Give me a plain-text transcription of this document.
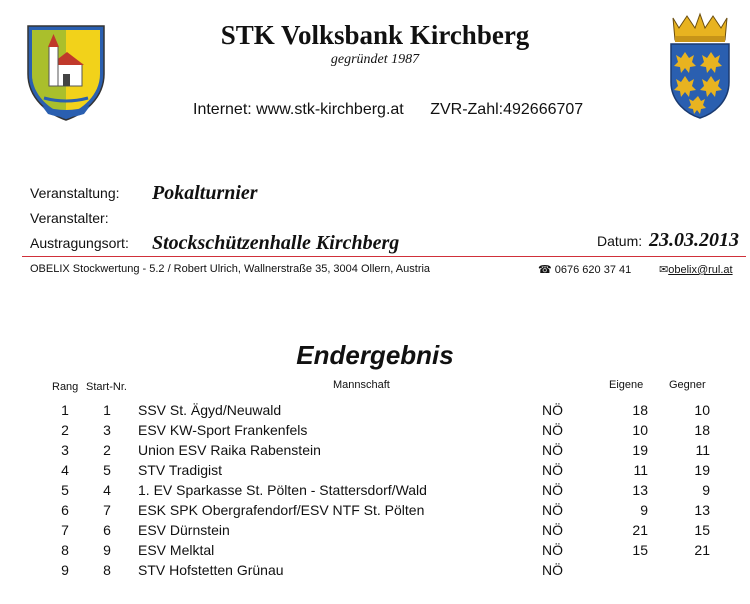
STK Volksbank Kirchberg
gegründet 1987
Internet: www.stk-kirchberg.at ZVR-Zahl:492666707
Veranstaltung: Pokalturnier
Veranstalter:
Austragungsort: Stockschützenhalle Kirchberg	Datum: 23.03.2013
OBELIX Stockwertung - 5.2 / Robert Ulrich, Wallnerstraße 35, 3004 Ollern, Austria	☎ 0676 620 37 41	✉obelix@rul.at
Endergebnis
Rang Start-Nr.	Mannschaft	Eigene Gegner
1	1	SSV St. Ägyd/Neuwald	NÖ	18	10
2	3	ESV KW-Sport Frankenfels	NÖ	10	18
3	2	Union ESV Raika Rabenstein	NÖ	19	11
4	5	STV Tradigist	NÖ	11	19
5	4	1. EV Sparkasse St. Pölten - Stattersdorf/Wald	NÖ	13	9
6	7	ESK SPK Obergrafendorf/ESV NTF St. Pölten	NÖ	9	13
7	6	ESV Dürnstein	NÖ	21	15
8	9	ESV Melktal	NÖ	15	21
9	8	STV Hofstetten Grünau	NÖ
